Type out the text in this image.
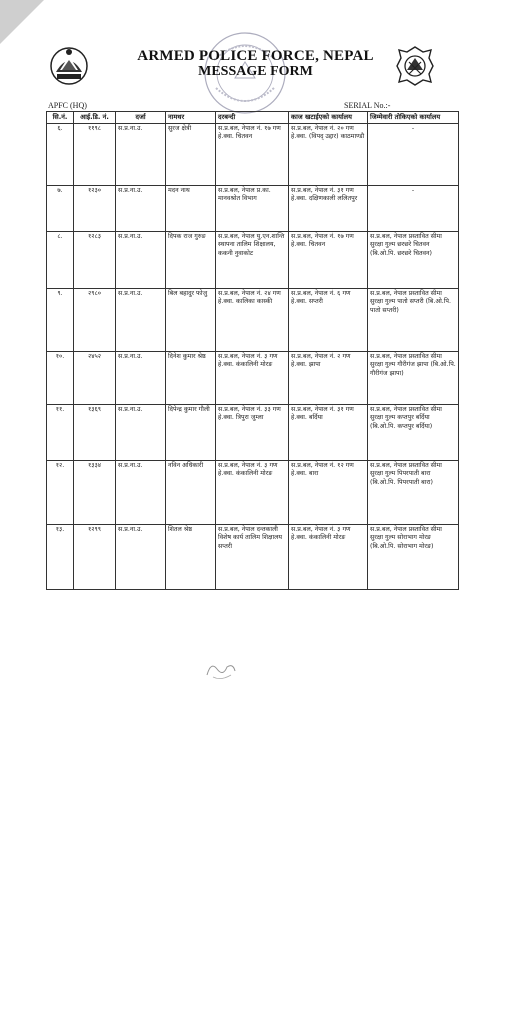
ARMED POLICE FORCE, NEPAL
MESSAGE FORM
APFC (HQ)	SERIAL No.:-
सि.नं.	आई.डि. नं.	दर्जा	नामथर	दरबन्दी	काज खटाईएको कार्यालय	जिम्मेवारी तोकिएको कार्यालय
६.	११९८	स.प्र.ना.उ.	सुरज क्षेत्री	स.प्र.बल, नेपाल नं. १७ गण हे.क्वा. चितवन	स.प्र.बल, नेपाल नं. २० गण हे.क्वा. (विपद् उद्दार) काठमाण्डौ	-
७.	१२३०	स.प्र.ना.उ.	मदन नाथ	स.प्र.बल, नेपाल प्र.का. मानवश्रोत विभाग	स.प्र.बल, नेपाल नं. ३१ गण हे.क्वा. दक्षिणकाली ललितपुर	-
८.	१२८३	स.प्र.ना.उ.	दिपक राज गुरुङ	स.प्र.बल, नेपाल यु.एन.शान्ति स्थापना तालिम शिक्षालय, ककनी नुवाकोट	स.प्र.बल, नेपाल नं. १७ गण हे.क्वा. चितवन	स.प्र.बल, नेपाल प्रस्तावित सीमा सुरक्षा गुल्म छरछरे चितवन (बि.ओ.पि. छरछरे चितवन)
९.	२९८०	स.प्र.ना.उ.	बिल बहादुर फोजु	स.प्र.बल, नेपाल नं. २४ गण हे.क्वा. कालिका कास्की	स.प्र.बल, नेपाल नं. ६ गण हे.क्वा. सप्तरी	स.प्र.बल, नेपाल प्रस्तावित सीमा सुरक्षा गुल्म पातो सप्तरी (बि.ओ.पि. पातो सप्तरी)
१०.	२४५२	स.प्र.ना.उ.	दिनेश कुमार श्रेष्ठ	स.प्र.बल, नेपाल नं. ३ गण हे.क्वा. कंकालिनी मोरङ	स.प्र.बल, नेपाल नं. २ गण हे.क्वा. झापा	स.प्र.बल, नेपाल प्रस्तावित सीमा सुरक्षा गुल्म गौरीगंज झापा (बि.ओ.पि. गौरीगंज झापा)
११.	१३६९	स.प्र.ना.उ.	दिपेन्द्र कुमार गौली	स.प्र.बल, नेपाल नं. ३३ गण हे.क्वा. त्रिपुरा जुम्ला	स.प्र.बल, नेपाल नं. ३१ गण हे.क्वा. बर्दिया	स.प्र.बल, नेपाल प्रस्तावित सीमा सुरक्षा गुल्म कप्तपुर बर्दिया (बि.ओ.पि. कप्तपुर बर्दिया)
१२.	१३३४	स.प्र.ना.उ.	नविन अधिकारी	स.प्र.बल, नेपाल नं. ३ गण हे.क्वा. कंकालिनी मोरङ	स.प्र.बल, नेपाल नं. १२ गण हे.क्वा. बारा	स.प्र.बल, नेपाल प्रस्तावित सीमा सुरक्षा गुल्म पिपरपाती बारा (बि.ओ.पि. पिपरपाती बारा)
१३.	१२९९	स.प्र.ना.उ.	शितल श्रेष्ठ	स.प्र.बल, नेपाल दन्तकाली विशेष कार्य तालिम शिक्षालय सप्तरी	स.प्र.बल, नेपाल नं. ३ गण हे.क्वा. कंकालिनी मोरङ	स.प्र.बल, नेपाल प्रस्तावित सीमा सुरक्षा गुल्म सोराभाग मोरङ (बि.ओ.पि. सोराभाग मोरङ)
